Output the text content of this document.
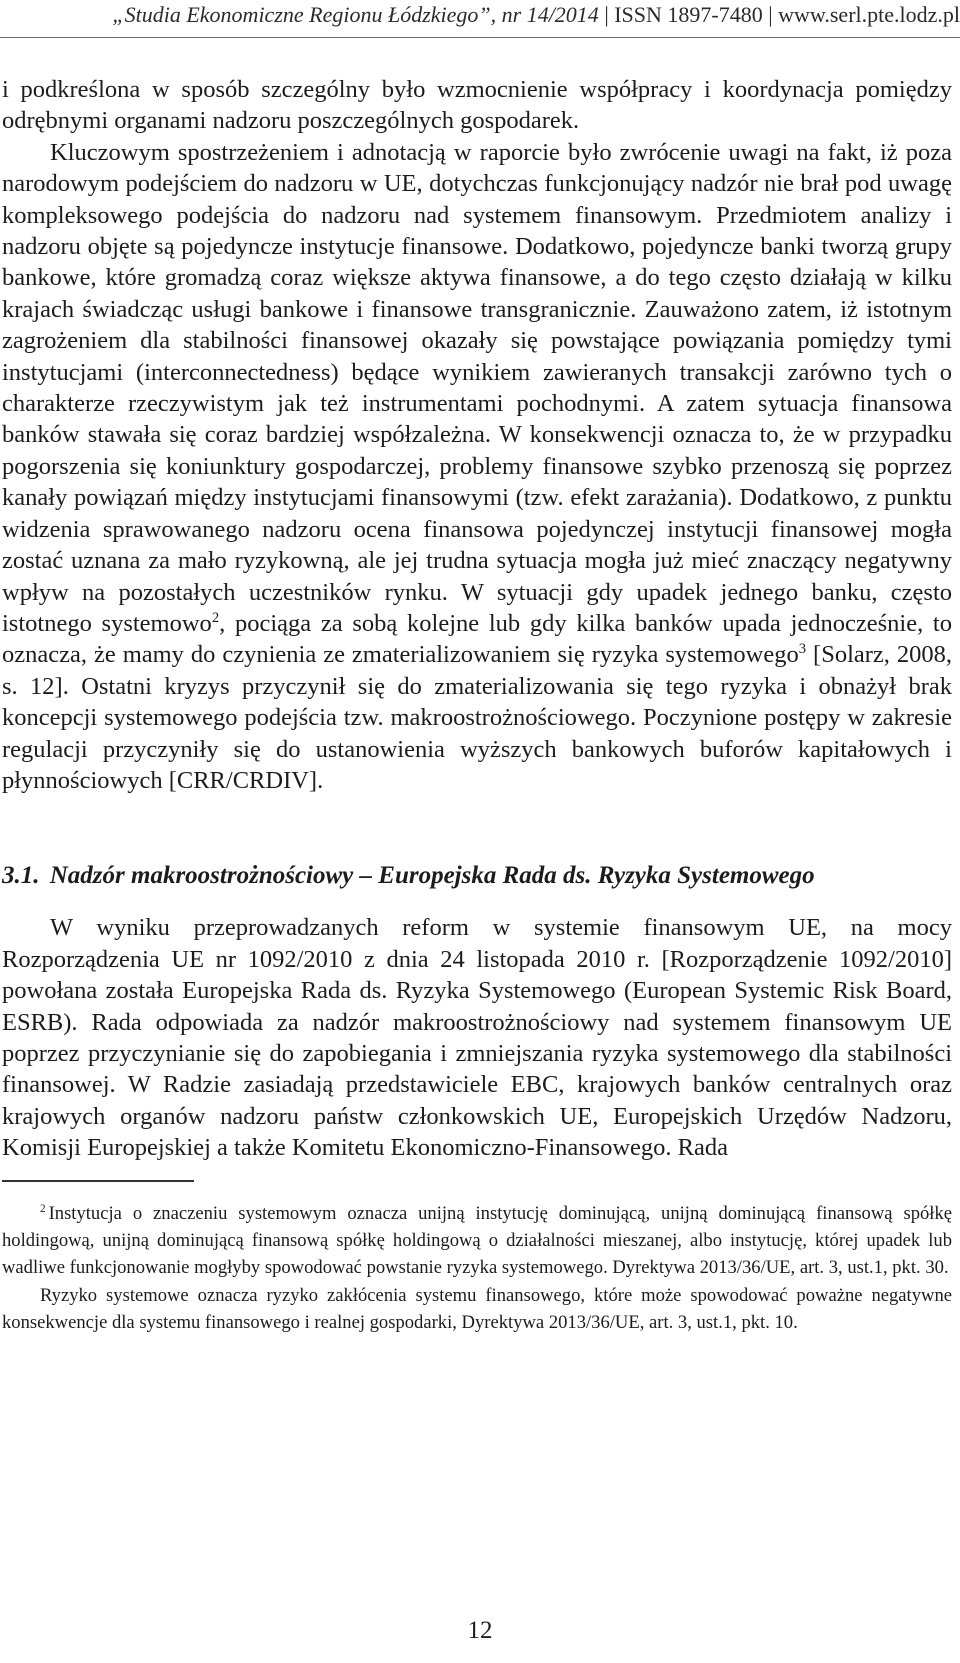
„Studia Ekonomiczne Regionu Łódzkiego”, nr 14/2014 | ISSN 1897-7480 | www.serl.pte.lodz.pl

i podkreślona w sposób szczególny było wzmocnienie współpracy i koordynacja pomiędzy odrębnymi organami nadzoru poszczególnych gospodarek.

Kluczowym spostrzeżeniem i adnotacją w raporcie było zwrócenie uwagi na fakt, iż poza narodowym podejściem do nadzoru w UE, dotychczas funkcjonujący nadzór nie brał pod uwagę kompleksowego podejścia do nadzoru nad systemem finansowym. Przedmiotem analizy i nadzoru objęte są pojedyncze instytucje finansowe. Dodatkowo, pojedyncze banki tworzą grupy bankowe, które gromadzą coraz większe aktywa finansowe, a do tego często działają w kilku krajach świadcząc usługi bankowe i finansowe transgranicznie. Zauważono zatem, iż istotnym zagrożeniem dla stabilności finansowej okazały się powstające powiązania pomiędzy tymi instytucjami (interconnectedness) będące wynikiem zawieranych transakcji zarówno tych o charakterze rzeczywistym jak też instrumentami pochodnymi. A zatem sytuacja finansowa banków stawała się coraz bardziej współzależna. W konsekwencji oznacza to, że w przypadku pogorszenia się koniunktury gospodarczej, problemy finansowe szybko przenoszą się poprzez kanały powiązań między instytucjami finansowymi (tzw. efekt zarażania). Dodatkowo, z punktu widzenia sprawowanego nadzoru ocena finansowa pojedynczej instytucji finansowej mogła zostać uznana za mało ryzykowną, ale jej trudna sytuacja mogła już mieć znaczący negatywny wpływ na pozostałych uczestników rynku. W sytuacji gdy upadek jednego banku, często istotnego systemowo$^2$, pociąga za sobą kolejne lub gdy kilka banków upada jednocześnie, to oznacza, że mamy do czynienia ze zmaterializowaniem się ryzyka systemowego$^3$ [Solarz, 2008, s. 12]. Ostatni kryzys przyczynił się do zmaterializowania się tego ryzyka i obnażył brak koncepcji systemowego podejścia tzw. makroostrożnościowego. Poczynione postępy w zakresie regulacji przyczyniły się do ustanowienia wyższych bankowych buforów kapitałowych i płynnościowych [CRR/CRDIV].

3.1. Nadzór makroostrożnościowy – Europejska Rada ds. Ryzyka Systemowego

W wyniku przeprowadzanych reform w systemie finansowym UE, na mocy Rozporządzenia UE nr 1092/2010 z dnia 24 listopada 2010 r. [Rozporządzenie 1092/2010] powołana została Europejska Rada ds. Ryzyka Systemowego (European Systemic Risk Board, ESRB). Rada odpowiada za nadzór makroostrożnościowy nad systemem finansowym UE poprzez przyczynianie się do zapobiegania i zmniejszania ryzyka systemowego dla stabilności finansowej. W Radzie zasiadają przedstawiciele EBC, krajowych banków centralnych oraz krajowych organów nadzoru państw członkowskich UE, Europejskich Urzędów Nadzoru, Komisji Europejskiej a także Komitetu Ekonomiczno-Finansowego. Rada

$^2$ Instytucja o znaczeniu systemowym oznacza unijną instytucję dominującą, unijną dominującą finansową spółkę holdingową, unijną dominującą finansową spółkę holdingową o działalności mieszanej, albo instytucję, której upadek lub wadliwe funkcjonowanie mogłyby spowodować powstanie ryzyka systemowego. Dyrektywa 2013/36/UE, art. 3, ust.1, pkt. 30.

Ryzyko systemowe oznacza ryzyko zakłócenia systemu finansowego, które może spowodować poważne negatywne konsekwencje dla systemu finansowego i realnej gospodarki, Dyrektywa 2013/36/UE, art. 3, ust.1, pkt. 10.

12
